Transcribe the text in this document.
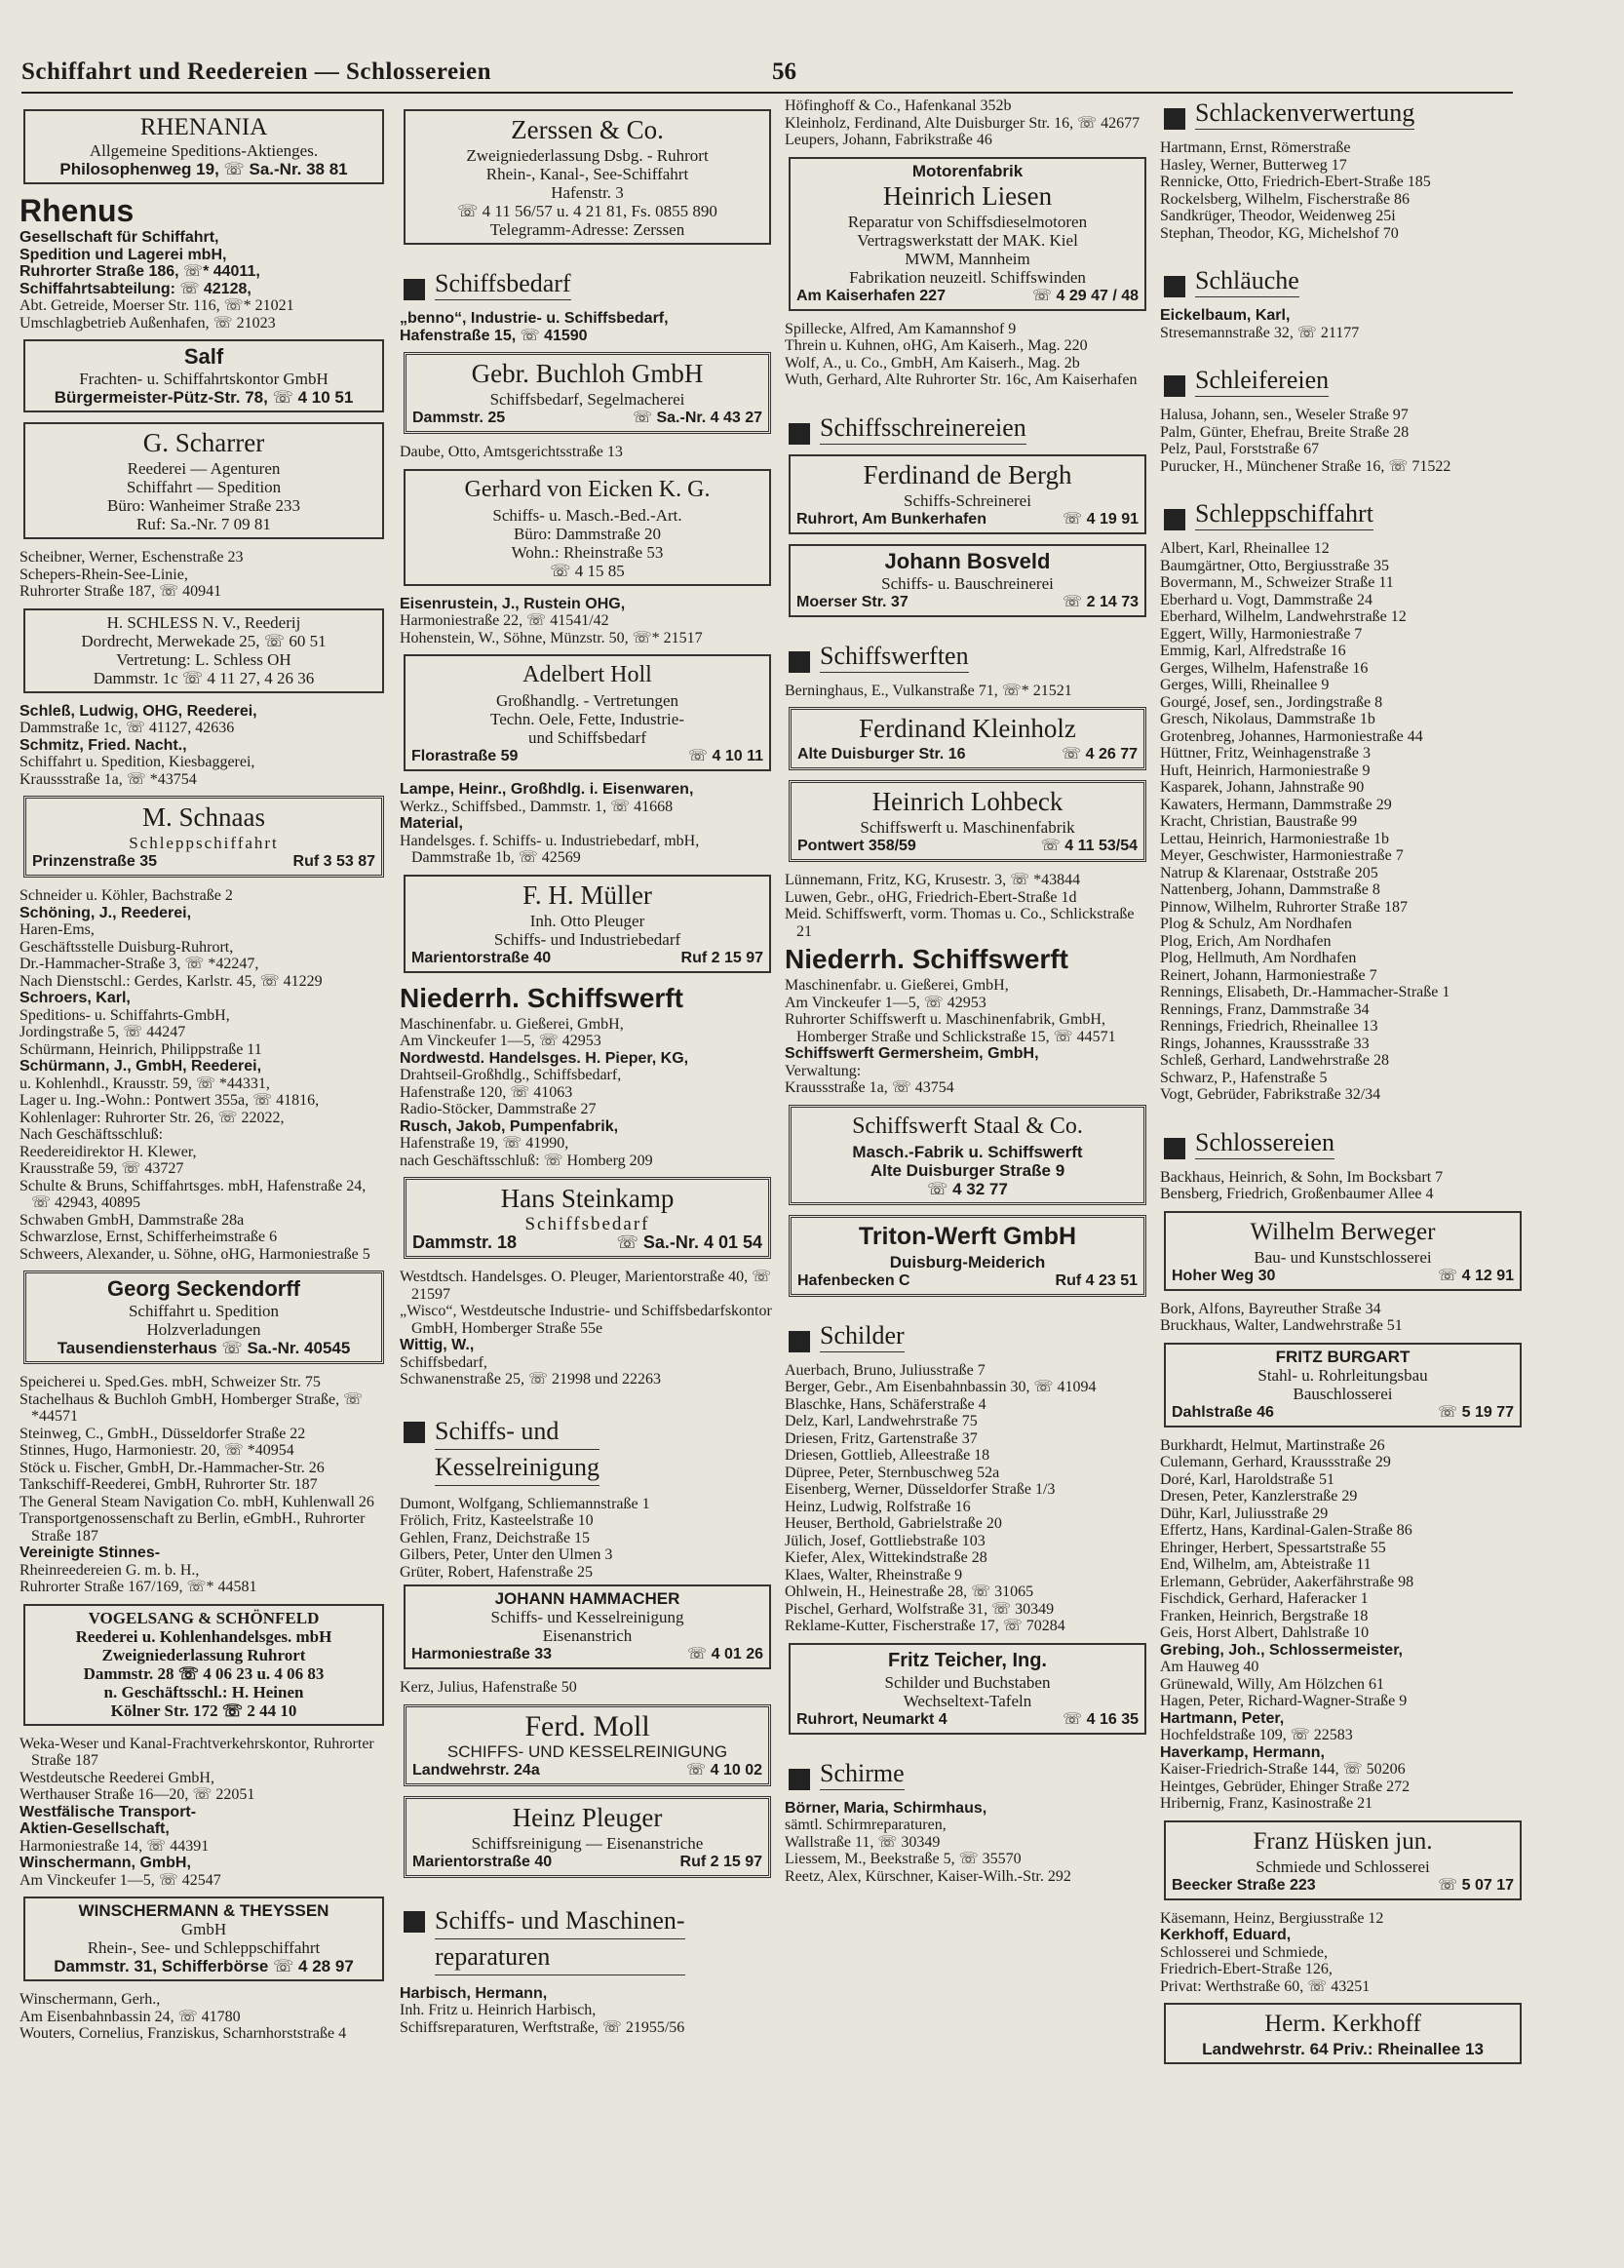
Schiffahrt und Reedereien — Schlossereien	56
RHENANIA
Allgemeine Speditions-Aktienges.
Philosophenweg 19, ☏ Sa.-Nr. 38 81
Rhenus

Gesellschaft für Schiffahrt,

Spedition und Lagerei mbH,

Ruhrorter Straße 186, ☏* 44011,

Schiffahrtsabteilung: ☏ 42128,

Abt. Getreide, Moerser Str. 116, ☏* 21021

Umschlagbetrieb Außenhafen, ☏ 21023

Salf
Frachten- u. Schiffahrtskontor GmbH
Bürgermeister-Pütz-Str. 78, ☏ 4 10 51
G. Scharrer
Reederei — Agenturen
Schiffahrt — Spedition
Büro: Wanheimer Straße 233
Ruf: Sa.-Nr. 7 09 81

Scheibner, Werner, Eschenstraße 23

Schepers-Rhein-See-Linie,

Ruhrorter Straße 187, ☏ 40941

H. SCHLESS N. V., Reederij
Dordrecht, Merwekade 25, ☏ 60 51
Vertretung: L. Schless OH
Dammstr. 1c ☏ 4 11 27, 4 26 36

Schleß, Ludwig, OHG, Reederei,

Dammstraße 1c, ☏ 41127, 42636

Schmitz, Fried. Nacht.,

Schiffahrt u. Spedition, Kiesbaggerei,

Kraussstraße 1a, ☏ *43754

M. Schnaas
Schleppschiffahrt
Prinzenstraße 35	Ruf 3 53 87

Schneider u. Köhler, Bachstraße 2

Schöning, J., Reederei,

Haren-Ems,

Geschäftsstelle Duisburg-Ruhrort,

Dr.-Hammacher-Straße 3, ☏ *42247,

Nach Dienstschl.: Gerdes, Karlstr. 45, ☏ 41229

Schroers, Karl,

Speditions- u. Schiffahrts-GmbH,

Jordingstraße 5, ☏ 44247

Schürmann, Heinrich, Philippstraße 11

Schürmann, J., GmbH, Reederei,

u. Kohlenhdl., Krausstr. 59, ☏ *44331,

Lager u. Ing.-Wohn.: Pontwert 355a, ☏ 41816,

Kohlenlager: Ruhrorter Str. 26, ☏ 22022,

Nach Geschäftsschluß:

Reedereidirektor H. Klewer,

Krausstraße 59, ☏ 43727

Schulte & Bruns, Schiffahrtsges. mbH, Hafenstraße 24, ☏ 42943, 40895

Schwaben GmbH, Dammstraße 28a

Schwarzlose, Ernst, Schifferheimstraße 6

Schweers, Alexander, u. Söhne, oHG, Harmoniestraße 5

Georg Seckendorff
Schiffahrt u. Spedition
Holzverladungen
Tausendiensterhaus ☏ Sa.-Nr. 40545

Speicherei u. Sped.Ges. mbH, Schweizer Str. 75

Stachelhaus & Buchloh GmbH, Homberger Straße, ☏ *44571

Steinweg, C., GmbH., Düsseldorfer Straße 22

Stinnes, Hugo, Harmoniestr. 20, ☏ *40954

Stöck u. Fischer, GmbH, Dr.-Hammacher-Str. 26

Tankschiff-Reederei, GmbH, Ruhrorter Str. 187

The General Steam Navigation Co. mbH, Kuhlenwall 26

Transportgenossenschaft zu Berlin, eGmbH., Ruhrorter Straße 187

Vereinigte Stinnes-

Rheinreedereien G. m. b. H.,

Ruhrorter Straße 167/169, ☏* 44581

VOGELSANG & SCHÖNFELD
Reederei u. Kohlenhandelsges. mbH
Zweigniederlassung Ruhrort
Dammstr. 28 ☏ 4 06 23 u. 4 06 83
n. Geschäftsschl.: H. Heinen
Kölner Str. 172 ☏ 2 44 10

Weka-Weser und Kanal-Frachtverkehrskontor, Ruhrorter Straße 187

Westdeutsche Reederei GmbH,

Werthauser Straße 16—20, ☏ 22051

Westfälische Transport-

Aktien-Gesellschaft,

Harmoniestraße 14, ☏ 44391

Winschermann, GmbH,

Am Vinckeufer 1—5, ☏ 42547

WINSCHERMANN & THEYSSEN
GmbH
Rhein-, See- und Schleppschiffahrt
Dammstr. 31, Schifferbörse ☏ 4 28 97

Winschermann, Gerh.,

Am Eisenbahnbassin 24, ☏ 41780

Wouters, Cornelius, Franziskus, Scharnhorststraße 4

Zerssen & Co.
Zweigniederlassung Dsbg. - Ruhrort
Rhein-, Kanal-, See-Schiffahrt
Hafenstr. 3
☏ 4 11 56/57 u. 4 21 81, Fs. 0855 890
Telegramm-Adresse: Zerssen
Schiffsbedarf

„benno“, Industrie- u. Schiffsbedarf,

Hafenstraße 15, ☏ 41590

Gebr. Buchloh GmbH
Schiffsbedarf, Segelmacherei
Dammstr. 25	☏ Sa.-Nr. 4 43 27

Daube, Otto, Amtsgerichtsstraße 13

Gerhard von Eicken K. G.
Schiffs- u. Masch.-Bed.-Art.
Büro: Dammstraße 20
Wohn.: Rheinstraße 53
☏ 4 15 85

Eisenrustein, J., Rustein OHG,

Harmoniestraße 22, ☏ 41541/42

Hohenstein, W., Söhne, Münzstr. 50, ☏* 21517

Adelbert Holl
Großhandlg. - Vertretungen
Techn. Oele, Fette, Industrie-
und Schiffsbedarf
Florastraße 59	☏ 4 10 11

Lampe, Heinr., Großhdlg. i. Eisenwaren,

Werkz., Schiffsbed., Dammstr. 1, ☏ 41668

Material,

Handelsges. f. Schiffs- u. Industriebedarf, mbH, Dammstraße 1b, ☏ 42569

F. H. Müller
Inh. Otto Pleuger
Schiffs- und Industriebedarf
Marientorstraße 40	Ruf 2 15 97
Niederrh. Schiffswerft

Maschinenfabr. u. Gießerei, GmbH,

Am Vinckeufer 1—5, ☏ 42953

Nordwestd. Handelsges. H. Pieper, KG,

Drahtseil-Großhdlg., Schiffsbedarf,

Hafenstraße 120, ☏ 41063

Radio-Stöcker, Dammstraße 27

Rusch, Jakob, Pumpenfabrik,

Hafenstraße 19, ☏ 41990,

nach Geschäftsschluß: ☏ Homberg 209

Hans Steinkamp
Schiffsbedarf
Dammstr. 18	☏ Sa.-Nr. 4 01 54

Westdtsch. Handelsges. O. Pleuger, Marientorstraße 40, ☏ 21597

„Wisco“, Westdeutsche Industrie- und Schiffsbedarfskontor GmbH, Homberger Straße 55e

Wittig, W.,

Schiffsbedarf,

Schwanenstraße 25, ☏ 21998 und 22263

Schiffs- und
Kesselreinigung

Dumont, Wolfgang, Schliemannstraße 1

Frölich, Fritz, Kasteelstraße 10

Gehlen, Franz, Deichstraße 15

Gilbers, Peter, Unter den Ulmen 3

Grüter, Robert, Hafenstraße 25

JOHANN HAMMACHER
Schiffs- und Kesselreinigung
Eisenanstrich
Harmoniestraße 33	☏ 4 01 26

Kerz, Julius, Hafenstraße 50

Ferd. Moll
SCHIFFS- UND KESSELREINIGUNG
Landwehrstr. 24a	☏ 4 10 02
Heinz Pleuger
Schiffsreinigung — Eisenanstriche
Marientorstraße 40	Ruf 2 15 97
Schiffs- und Maschinen-
reparaturen

Harbisch, Hermann,

Inh. Fritz u. Heinrich Harbisch,

Schiffsreparaturen, Werftstraße, ☏ 21955/56

Höfinghoff & Co., Hafenkanal 352b

Kleinholz, Ferdinand, Alte Duisburger Str. 16, ☏ 42677

Leupers, Johann, Fabrikstraße 46

Motorenfabrik
Heinrich Liesen
Reparatur von Schiffsdieselmotoren
Vertragswerkstatt der MAK. Kiel
MWM, Mannheim
Fabrikation neuzeitl. Schiffswinden
Am Kaiserhafen 227	☏ 4 29 47 / 48

Spillecke, Alfred, Am Kamannshof 9

Threin u. Kuhnen, oHG, Am Kaiserh., Mag. 220

Wolf, A., u. Co., GmbH, Am Kaiserh., Mag. 2b

Wuth, Gerhard, Alte Ruhrorter Str. 16c, Am Kaiserhafen

Schiffsschreinereien
Ferdinand de Bergh
Schiffs-Schreinerei
Ruhrort, Am Bunkerhafen	☏ 4 19 91
Johann Bosveld
Schiffs- u. Bauschreinerei
Moerser Str. 37	☏ 2 14 73
Schiffswerften

Berninghaus, E., Vulkanstraße 71, ☏* 21521

Ferdinand Kleinholz
Alte Duisburger Str. 16	☏ 4 26 77
Heinrich Lohbeck
Schiffswerft u. Maschinenfabrik
Pontwert 358/59	☏ 4 11 53/54

Lünnemann, Fritz, KG, Krusestr. 3, ☏ *43844

Luwen, Gebr., oHG, Friedrich-Ebert-Straße 1d

Meid. Schiffswerft, vorm. Thomas u. Co., Schlickstraße 21

Niederrh. Schiffswerft

Maschinenfabr. u. Gießerei, GmbH,

Am Vinckeufer 1—5, ☏ 42953

Ruhrorter Schiffswerft u. Maschinenfabrik, GmbH, Homberger Straße und Schlickstraße 15, ☏ 44571

Schiffswerft Germersheim, GmbH,

Verwaltung:

Kraussstraße 1a, ☏ 43754

Schiffswerft Staal & Co.
Masch.-Fabrik u. Schiffswerft
Alte Duisburger Straße 9
☏ 4 32 77
Triton-Werft GmbH
Duisburg-Meiderich
Hafenbecken C	Ruf 4 23 51
Schilder

Auerbach, Bruno, Juliusstraße 7

Berger, Gebr., Am Eisenbahnbassin 30, ☏ 41094

Blaschke, Hans, Schäferstraße 4

Delz, Karl, Landwehrstraße 75

Driesen, Fritz, Gartenstraße 37

Driesen, Gottlieb, Alleestraße 18

Düpree, Peter, Sternbuschweg 52a

Eisenberg, Werner, Düsseldorfer Straße 1/3

Heinz, Ludwig, Rolfstraße 16

Heuser, Berthold, Gabrielstraße 20

Jülich, Josef, Gottliebstraße 103

Kiefer, Alex, Wittekindstraße 28

Klaes, Walter, Rheinstraße 9

Ohlwein, H., Heinestraße 28, ☏ 31065

Pischel, Gerhard, Wolfstraße 31, ☏ 30349

Reklame-Kutter, Fischerstraße 17, ☏ 70284

Fritz Teicher, Ing.
Schilder und Buchstaben
Wechseltext-Tafeln
Ruhrort, Neumarkt 4	☏ 4 16 35
Schirme

Börner, Maria, Schirmhaus,

sämtl. Schirmreparaturen,

Wallstraße 11, ☏ 30349

Liessem, M., Beekstraße 5, ☏ 35570

Reetz, Alex, Kürschner, Kaiser-Wilh.-Str. 292

Schlackenverwertung

Hartmann, Ernst, Römerstraße

Hasley, Werner, Butterweg 17

Rennicke, Otto, Friedrich-Ebert-Straße 185

Rockelsberg, Wilhelm, Fischerstraße 86

Sandkrüger, Theodor, Weidenweg 25i

Stephan, Theodor, KG, Michelshof 70

Schläuche

Eickelbaum, Karl,

Stresemannstraße 32, ☏ 21177

Schleifereien

Halusa, Johann, sen., Weseler Straße 97

Palm, Günter, Ehefrau, Breite Straße 28

Pelz, Paul, Forststraße 67

Purucker, H., Münchener Straße 16, ☏ 71522

Schleppschiffahrt

Albert, Karl, Rheinallee 12

Baumgärtner, Otto, Bergiusstraße 35

Bovermann, M., Schweizer Straße 11

Eberhard u. Vogt, Dammstraße 24

Eberhard, Wilhelm, Landwehrstraße 12

Eggert, Willy, Harmoniestraße 7

Emmig, Karl, Alfredstraße 16

Gerges, Wilhelm, Hafenstraße 16

Gerges, Willi, Rheinallee 9

Gourgé, Josef, sen., Jordingstraße 8

Gresch, Nikolaus, Dammstraße 1b

Grotenbreg, Johannes, Harmoniestraße 44

Hüttner, Fritz, Weinhagenstraße 3

Huft, Heinrich, Harmoniestraße 9

Kasparek, Johann, Jahnstraße 90

Kawaters, Hermann, Dammstraße 29

Kracht, Christian, Baustraße 99

Lettau, Heinrich, Harmoniestraße 1b

Meyer, Geschwister, Harmoniestraße 7

Natrup & Klarenaar, Oststraße 205

Nattenberg, Johann, Dammstraße 8

Pinnow, Wilhelm, Ruhrorter Straße 187

Plog & Schulz, Am Nordhafen

Plog, Erich, Am Nordhafen

Plog, Hellmuth, Am Nordhafen

Reinert, Johann, Harmoniestraße 7

Rennings, Elisabeth, Dr.-Hammacher-Straße 1

Rennings, Franz, Dammstraße 34

Rennings, Friedrich, Rheinallee 13

Rings, Johannes, Kraussstraße 33

Schleß, Gerhard, Landwehrstraße 28

Schwarz, P., Hafenstraße 5

Vogt, Gebrüder, Fabrikstraße 32/34

Schlossereien

Backhaus, Heinrich, & Sohn, Im Bocksbart 7

Bensberg, Friedrich, Großenbaumer Allee 4

Wilhelm Berweger
Bau- und Kunstschlosserei
Hoher Weg 30	☏ 4 12 91

Bork, Alfons, Bayreuther Straße 34

Bruckhaus, Walter, Landwehrstraße 51

FRITZ BURGART
Stahl- u. Rohrleitungsbau
Bauschlosserei
Dahlstraße 46	☏ 5 19 77

Burkhardt, Helmut, Martinstraße 26

Culemann, Gerhard, Kraussstraße 29

Doré, Karl, Haroldstraße 51

Dresen, Peter, Kanzlerstraße 29

Dühr, Karl, Juliusstraße 29

Effertz, Hans, Kardinal-Galen-Straße 86

Ehringer, Herbert, Spessartstraße 55

End, Wilhelm, am, Abteistraße 11

Erlemann, Gebrüder, Aakerfährstraße 98

Fischdick, Gerhard, Haferacker 1

Franken, Heinrich, Bergstraße 18

Geis, Horst Albert, Dahlstraße 10

Grebing, Joh., Schlossermeister,

Am Hauweg 40

Grünewald, Willy, Am Hölzchen 61

Hagen, Peter, Richard-Wagner-Straße 9

Hartmann, Peter,

Hochfeldstraße 109, ☏ 22583

Haverkamp, Hermann,

Kaiser-Friedrich-Straße 144, ☏ 50206

Heintges, Gebrüder, Ehinger Straße 272

Hribernig, Franz, Kasinostraße 21

Franz Hüsken jun.
Schmiede und Schlosserei
Beecker Straße 223	☏ 5 07 17

Käsemann, Heinz, Bergiusstraße 12

Kerkhoff, Eduard,

Schlosserei und Schmiede,

Friedrich-Ebert-Straße 126,

Privat: Werthstraße 60, ☏ 43251

Herm. Kerkhoff
Landwehrstr. 64 Priv.: Rheinallee 13
